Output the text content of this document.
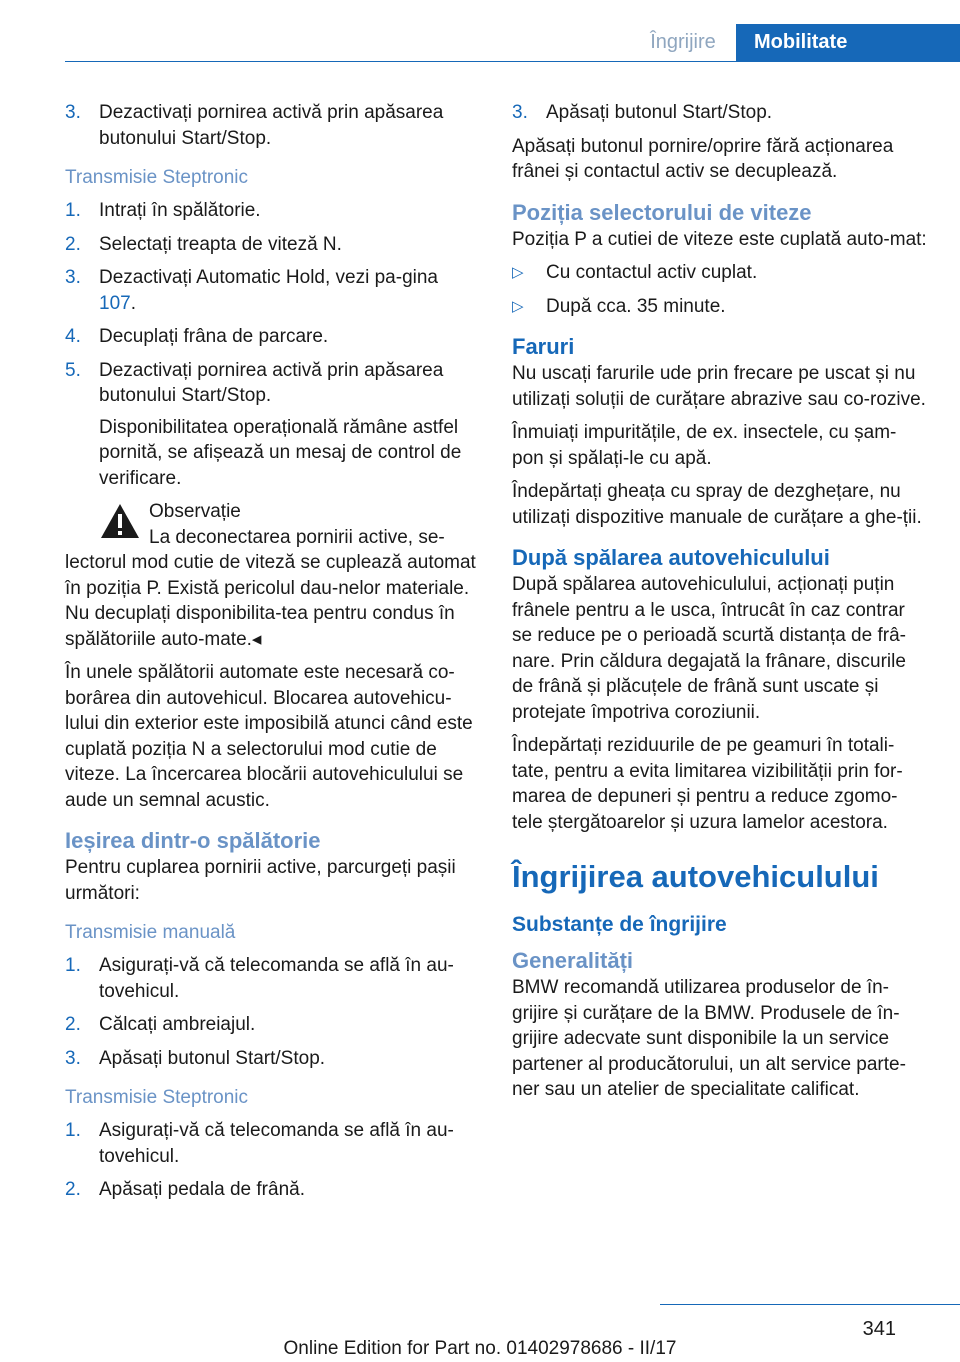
Îngrijire	Mobilitate
3. Dezactivați pornirea activă prin apăsarea butonului Start/Stop.
Transmisie Steptronic
1. Intrați în spălătorie.
2. Selectați treapta de viteză N.
3. Dezactivați Automatic Hold, vezi pa-gina 107.
4. Decuplați frâna de parcare.
5. Dezactivați pornirea activă prin apăsarea butonului Start/Stop.
Disponibilitatea operațională rămâne astfel pornită, se afișează un mesaj de control de verificare.
Observație
La deconectarea pornirii active, se-
lectorul mod cutie de viteză se cuplează automat în poziția P. Există pericolul dau-nelor materiale. Nu decuplați disponibilita-tea pentru condus în spălătoriile auto-mate.◂

În unele spălătorii automate este necesară co-borârea din autovehicul. Blocarea autovehicu-lului din exterior este imposibilă atunci când este cuplată poziția N a selectorului mod cutie de viteze. La încercarea blocării autovehiculului se aude un semnal acustic.

Ieșirea dintr-o spălătorie

Pentru cuplarea pornirii active, parcurgeți pașii următori:

Transmisie manuală
1. Asigurați-vă că telecomanda se află în au-tovehicul.
2. Călcați ambreiajul.
3. Apăsați butonul Start/Stop.
Transmisie Steptronic
1. Asigurați-vă că telecomanda se află în au-tovehicul.
2. Apăsați pedala de frână.
3. Apăsați butonul Start/Stop.

Apăsați butonul pornire/oprire fără acționarea frânei și contactul activ se decuplează.

Poziția selectorului de viteze

Poziția P a cutiei de viteze este cuplată auto-mat:

▷	Cu contactul activ cuplat.
▷	După cca. 35 minute.
Faruri

Nu uscați farurile ude prin frecare pe uscat și nu utilizați soluții de curățare abrazive sau co-rozive.

Înmuiați impuritățile, de ex. insectele, cu șam-pon și spălați-le cu apă.

Îndepărtați gheața cu spray de dezghețare, nu utilizați dispozitive manuale de curățare a ghe-ții.

După spălarea autovehiculului

După spălarea autovehiculului, acționați puțin frânele pentru a le usca, întrucât în caz contrar se reduce pe o perioadă scurtă distanța de frâ-nare. Prin căldura degajată la frânare, discurile de frână și plăcuțele de frână sunt uscate și protejate împotriva coroziunii.

Îndepărtați reziduurile de pe geamuri în totali-tate, pentru a evita limitarea vizibilității prin for-marea de depuneri și pentru a reduce zgomo-tele ștergătoarelor și uzura lamelor acestora.

Îngrijirea autovehiculului
Substanțe de îngrijire
Generalități

BMW recomandă utilizarea produselor de în-grijire și curățare de la BMW. Produsele de în-grijire adecvate sunt disponibile la un service partener al producătorului, un alt service parte-ner sau un atelier de specialitate calificat.

341
Online Edition for Part no. 01402978686 - II/17
